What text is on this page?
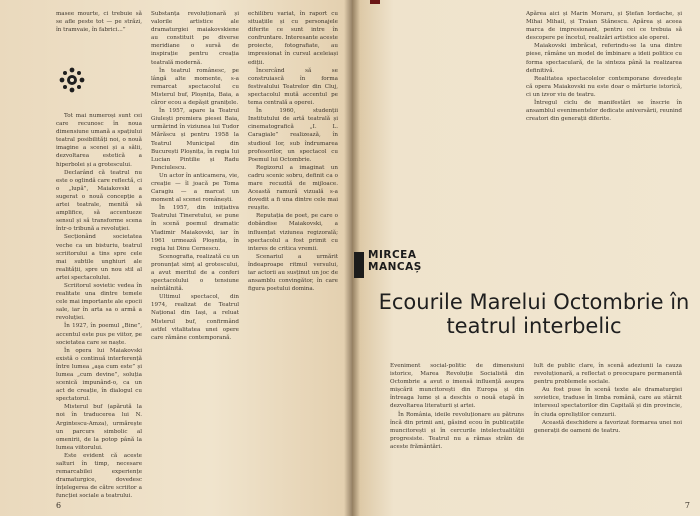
masee mourte, ci trebuie să se afle peste tot — pe străzi, în tramvaie, în fabrici...”

Tot mai numeroși sunt cei care recunosc în noua dimensiune umană a spațiului teatral posibilități noi, o nouă imagine a scenei și a sălii, dezvoltarea estetică a hiperbolei și a grotescului.

Declarând că teatrul nu este o oglindă care reflectă, ci o „lupă”, Maiakovski a sugerat o nouă concepție a artei teatrale, menită să amplifice, să accentueze sensul și să transforme scena într-o tribună a revoluției.

Secționând societatea veche ca un bisturiu, teatrul scriitorului a tins spre cele mai subtile unghiuri ale realității, spre un nou stil al artei spectacolului.

Scriitorul sovietic vedea în realitate una dintre temele cele mai importante ale epocii sale, iar în arta sa o armă a revoluției.

În 1927, în poemul „Bine”, accentul este pus pe viitor, pe societatea care se naște.

În opera lui Maiakovski există o continuă interferență între lumea „aşa cum este” și lumea „cum devine”, soluția scenică impunând-o, ca un act de creație, în dialogul cu spectatorul.

Misterul buf (apărută la noi în traducerea lui N. Argintescu-Amza), urmărește un parcurs simbolic al omenirii, de la potop până la lumea viitorului.

Este evident că aceste salturi în timp, necesare remarcabilei experiențe dramaturgice, dovedesc înțelegerea de către scriitor a funcției sociale a teatrului.

Substanța revoluționară și valorile artistice ale dramaturgiei maiakovskiene au constituit pe diverse meridiane o sursă de inspirație pentru creația teatrală modernă.

În teatrul românesc, pe lângă alte momente, s-a remarcat spectacolul cu Misterul buf, Ploșnița, Baia, a căror ecou a depășit granițele.

În 1957, apare la Teatrul Giulești premiera piesei Baia, urmărind în viziunea lui Tudor Mărăscu și pentru 1958 la Teatrul Municipal din București Ploșnița, în regia lui Lucian Pintilie și Radu Penciulescu.

Un actor în anticamera, vie, creație — îl joacă pe Toma Caragiu — a marcat un moment al scenei românești.

În 1957, din inițiativa Teatrului Tineretului, se pune în scenă poemul dramatic Vladimir Maiakovski, iar în 1961 urmează Ploșnița, în regia lui Dinu Cernescu.

Scenografia, realizată cu un pronunțat simț al grotescului, a avut meritul de a conferi spectacolului o tensiune neîntâlnită.

Ultimul spectacol, din 1974, realizat de Teatrul Național din Iași, a reluat Misterul buf, confirmând astfel vitalitatea unei opere care rămâne contemporană.

echilibru variat, în raport cu situațiile și cu personajele diferite ce sunt intre în confruntare. Interesante aceste proiecte, fotografiate, au impresionat în cursul aceleiași ediții.

Încercând să se construiască în forma festivalului Teatrelor din Cluj, spectacolul mută accentul pe tema centrală a operei.

În 1960, studenții Institutului de artă teatrală și cinematografică „I. L. Caragiale” realizează, în studioul lor, sub îndrumarea profesorilor, un spectacol cu Poemul lui Octombrie.

Regizorul a imaginat un cadru scenic sobru, definit ca o mare recuzită de mijloace. Această ramură vizuală s-a dovedit a fi una dintre cele mai reușite.

Reputația de poet, pe care o dobândise Maiakovski, a influențat viziunea regizorală; spectacolul a fost primit cu interes de critica vremii.

Scenariul a urmărit îndeaproape ritmul versului, iar actorii au susținut un joc de ansamblu convingător, în care figura poetului domina.

6

Apărea aici și Marin Moraru, și Ștefan Iordache, și Mihai Mihail, și Traian Stănescu. Apărea și aceea marca de impresionant, pentru cei ce trebuia să descopere pe încetul, realizări artistice ale operei.

Maiakovski imbrăcat, referindu-se la una dintre piese, rămâne un model de îmbinare a ideii politice cu forma spectaculară, de la sinteza până la realizarea definitivă.

Realitatea spectacolelor contemporane dovedește că opera Maiakovski nu este doar o mărturie istorică, ci un izvor viu de teatru.

Întregul ciclu de manifestări se înscrie în ansamblul evenimentelor dedicate aniversării, reunind creatori din generații diferite.

Eveniment social-politic de dimensiuni istorice, Marea Revoluție Socialistă din Octombrie a avut o imensă influență asupra mișcării muncitorești din Europa și din întreaga lume și a deschis o nouă etapă în dezvoltarea literaturii și artei.

În România, ideile revoluționare au pătruns încă din primii ani, găsind ecou în publicațiile muncitorești și în cercurile intelectualității progresiste. Teatrul nu a rămas străin de aceste frământări.

lult de public clare, în scenă adeziunii la cauza revoluționară, a reflectat o preocupare permanentă pentru problemele sociale.

Au fost puse în scenă texte ale dramaturgiei sovietice, traduse în limba română, care au stârnit interesul spectatorilor din Capitală și din provincie, în ciuda opreliștilor cenzurii.

Această deschidere a favorizat formarea unei noi generații de oameni de teatru.

7
MIRCEA MANCAȘ
Ecourile Marelui Octombrie în teatrul interbelic
